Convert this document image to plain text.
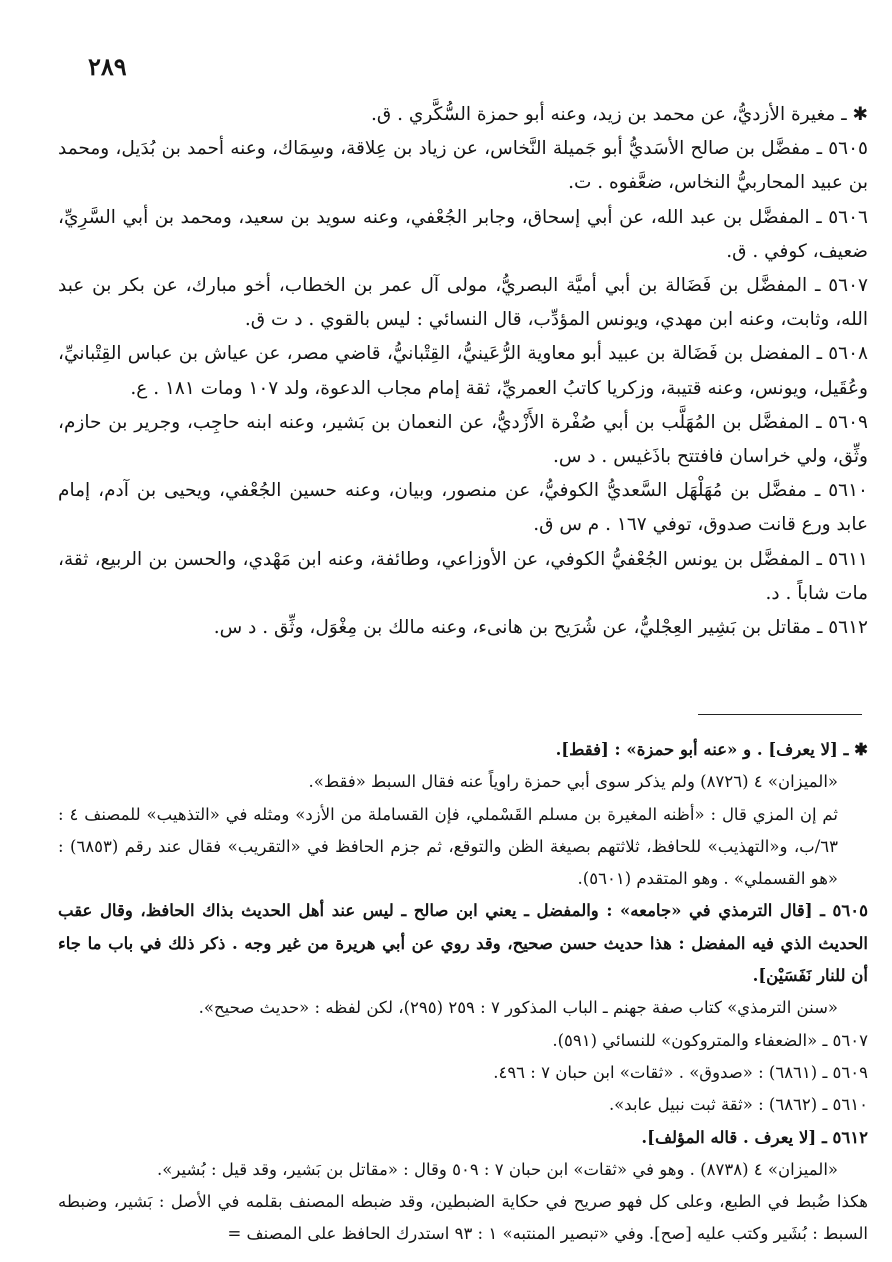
٢٨٩

✱ ـ مغيرة الأزديُّ، عن محمد بن زيد، وعنه أبو حمزة السُّكَّري . ق.

٥٦٠٥ ـ مفضَّل بن صالح الأسَديُّ أبو جَميلة النَّخاس، عن زياد بن عِلاقة، وسِمَاك، وعنه أحمد بن بُدَيل، ومحمد بن عبيد المحاربيُّ النخاس، ضعَّفوه . ت.

٥٦٠٦ ـ المفضَّل بن عبد الله، عن أبي إسحاق، وجابر الجُعْفي، وعنه سويد بن سعيد، ومحمد بن أبي السَّرِيِّ، ضعيف، كوفي . ق.

٥٦٠٧ ـ المفضَّل بن فَضَالة بن أبي أميَّة البصريُّ، مولى آل عمر بن الخطاب، أخو مبارك، عن بكر بن عبد الله، وثابت، وعنه ابن مهدي، ويونس المؤدِّب، قال النسائي : ليس بالقوي . د ت ق.

٥٦٠٨ ـ المفضل بن فَضَالة بن عبيد أبو معاوية الرُّعَينيُّ، القِتْبانيُّ، قاضي مصر، عن عياش بن عباس القِتْبانيِّ، وعُقَيل، ويونس، وعنه قتيبة، وزكريا كاتبُ العمريِّ، ثقة إمام مجاب الدعوة، ولد ١٠٧ ومات ١٨١ . ع.

٥٦٠٩ ـ المفضَّل بن المُهَلَّب بن أبي صُفْرة الأَزْديُّ، عن النعمان بن بَشير، وعنه ابنه حاجِب، وجرير بن حازم، وثِّق، ولي خراسان فافتتح باذَغيس . د س.

٥٦١٠ ـ مفضَّل بن مُهَلْهَل السَّعديُّ الكوفيُّ، عن منصور، وبيان، وعنه حسين الجُعْفي، ويحيى بن آدم، إمام عابد ورع قانت صدوق، توفي ١٦٧ . م س ق.

٥٦١١ ـ المفضَّل بن يونس الجُعْفيُّ الكوفي، عن الأوزاعي، وطائفة، وعنه ابن مَهْدي، والحسن بن الربيع، ثقة، مات شاباً . د.

٥٦١٢ ـ مقاتل بن بَشِير العِجْليُّ، عن شُرَيح بن هانىء، وعنه مالك بن مِغْوَل، وثِّق . د س.

✱ ـ [لا يعرف] . و «عنه أبو حمزة» : [فقط].

«الميزان» ٤ (٨٧٢٦) ولم يذكر سوى أبي حمزة راوياً عنه فقال السبط «فقط».

ثم إن المزي قال : «أظنه المغيرة بن مسلم القَسْملي، فإن القساملة من الأزد» ومثله في «التذهيب» للمصنف ٤ : ٦٣/ب، و«التهذيب» للحافظ، ثلاثتهم بصيغة الظن والتوقع، ثم جزم الحافظ في «التقريب» فقال عند رقم (٦٨٥٣) : «هو القسملي» . وهو المتقدم (٥٦٠١).

٥٦٠٥ ـ [قال الترمذي في «جامعه» : والمفضل ـ يعني ابن صالح ـ ليس عند أهل الحديث بذاك الحافظ، وقال عقب الحديث الذي فيه المفضل : هذا حديث حسن صحيح، وقد روي عن أبي هريرة من غير وجه . ذكر ذلك في باب ما جاء أن للنار نَفَسَيْن].

«سنن الترمذي» كتاب صفة جهنم ـ الباب المذكور ٧ : ٢٥٩ (٢٩٥)، لكن لفظه : «حديث صحيح».

٥٦٠٧ ـ «الضعفاء والمتروكون» للنسائي (٥٩١).

٥٦٠٩ ـ (٦٨٦١) : «صدوق» . «ثقات» ابن حبان ٧ : ٤٩٦.

٥٦١٠ ـ (٦٨٦٢) : «ثقة ثبت نبيل عابد».

٥٦١٢ ـ [لا يعرف . قاله المؤلف].

«الميزان» ٤ (٨٧٣٨) . وهو في «ثقات» ابن حبان ٧ : ٥٠٩ وقال : «مقاتل بن بَشير، وقد قيل : بُشير».

هكذا ضُبط في الطبع، وعلى كل فهو صريح في حكاية الضبطين، وقد ضبطه المصنف بقلمه في الأصل : بَشير، وضبطه السبط : بُشَير وكتب عليه [صح]. وفي «تبصير المنتبه» ١ : ٩٣ استدرك الحافظ على المصنف =
